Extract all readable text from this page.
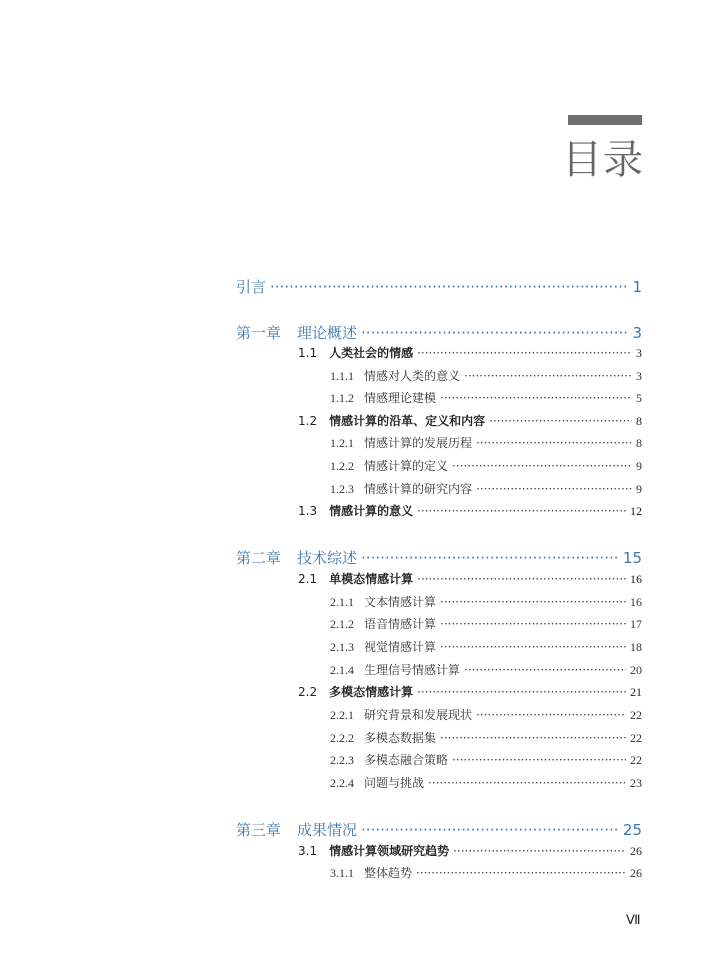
目录
引言 ·····	1
第一章 理论概述 ·····	3
1.1 人类社会的情感 ·····	3
1.1.1 情感对人类的意义 ·····	3
1.1.2 情感理论建模 ·····	5
1.2 情感计算的沿革、定义和内容 ·····	8
1.2.1 情感计算的发展历程 ·····	8
1.2.2 情感计算的定义 ·····	9
1.2.3 情感计算的研究内容 ·····	9
1.3 情感计算的意义 ·····	12
第二章 技术综述 ·····	15
2.1 单模态情感计算 ·····	16
2.1.1 文本情感计算 ·····	16
2.1.2 语音情感计算 ·····	17
2.1.3 视觉情感计算 ·····	18
2.1.4 生理信号情感计算 ·····	20
2.2 多模态情感计算 ·····	21
2.2.1 研究背景和发展现状 ·····	22
2.2.2 多模态数据集 ·····	22
2.2.3 多模态融合策略 ·····	22
2.2.4 问题与挑战 ·····	23
第三章 成果情况 ·····	25
3.1 情感计算领域研究趋势 ·····	26
3.1.1 整体趋势 ·····	26
Ⅶ
